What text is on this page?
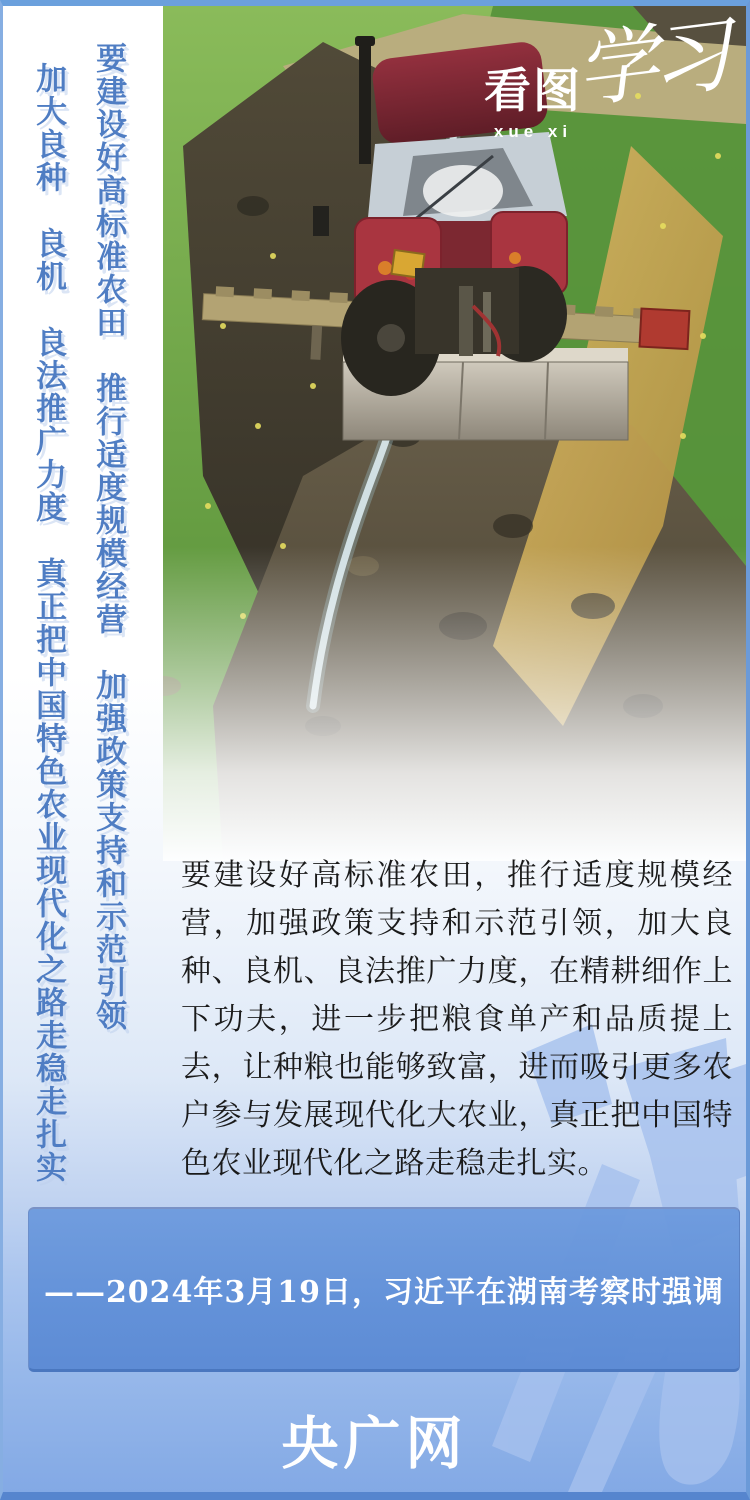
要建设好高标准农田　推行适度规模经营　加强政策支持和示范引领
加大良种　良机　良法推广力度　真正把中国特色农业现代化之路走稳走扎实	看图
xue xi
学习
要建设好高标准农田，推行适度规模经营，加强政策支持和示范引领，加大良种、良机、良法推广力度，在精耕细作上下功夫，进一步把粮食单产和品质提上去，让种粮也能够致富，进而吸引更多农户参与发展现代化大农业，真正把中国特色农业现代化之路走稳走扎实。
——2024年3月19日，习近平在湖南考察时强调
央广网
